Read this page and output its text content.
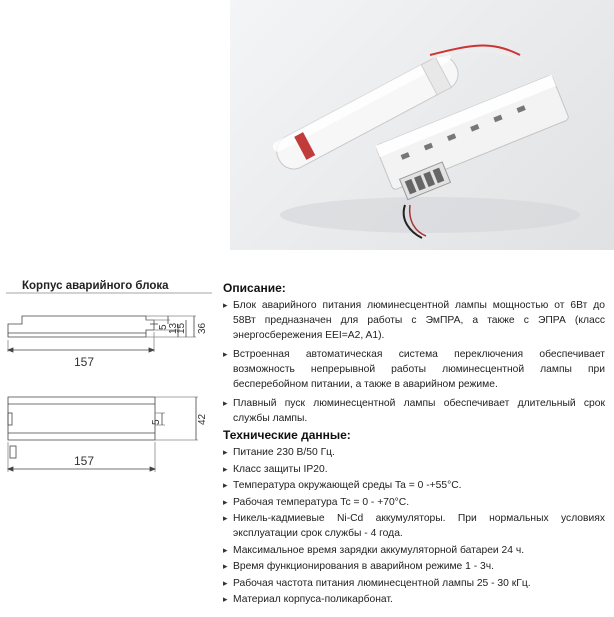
Корпус аварийного блока
5 13
15 36
157
5	42
157
Описание:
▸ Блок аварийного питания люминесцентной лампы мощностью от 6Вт до 58Вт предназначен для работы с ЭмПРА, а также с ЭПРА (класс энергосбережения EEI=A2, A1).
▸ Встроенная автоматическая система переключения обеспечивает возможность непрерывной работы люминесцентной лампы при бесперебойном питании, а также в аварийном режиме.
▸ Плавный пуск люминесцентной лампы обеспечивает длительный срок службы лампы.
Технические данные:
▸ Питание 230 В/50 Гц.
▸ Класс защиты IP20.
▸ Температура окружающей среды Ta = 0 -+55°C.
▸ Рабочая температура Tc = 0 - +70°C.
▸ Никель-кадмиевые Ni-Cd аккумуляторы. При нормальных условиях эксплуатации срок службы - 4 года.
▸ Максимальное время зарядки аккумуляторной батареи 24 ч.
▸ Время функционирования в аварийном режиме 1 - 3ч.
▸ Рабочая частота питания люминесцентной лампы 25 - 30 кГц.
▸ Материал корпуса-поликарбонат.
